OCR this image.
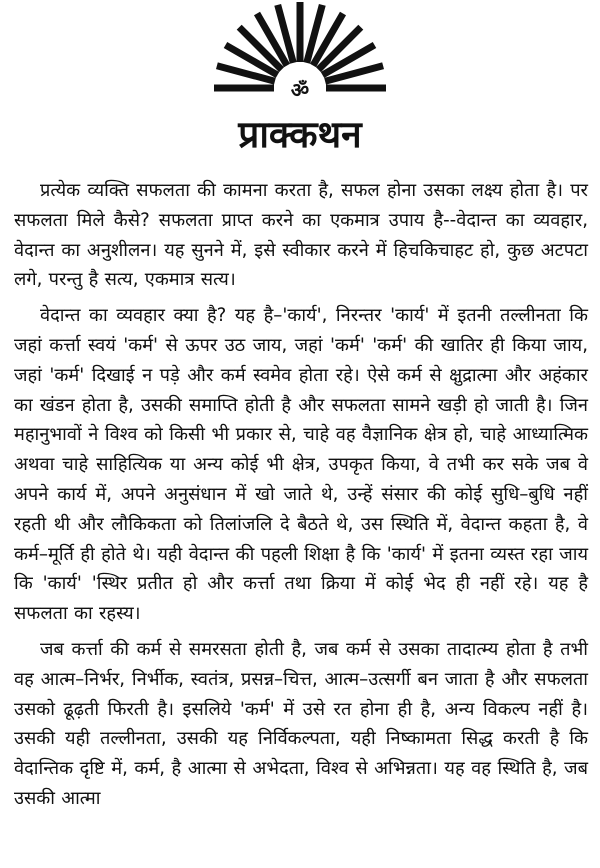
ॐ
प्राक्कथन

प्रत्येक व्यक्ति सफलता की कामना करता है, सफल होना उसका लक्ष्य होता है। पर सफलता मिले कैसे? सफलता प्राप्त करने का एकमात्र उपाय है--वेदान्त का व्यवहार, वेदान्त का अनुशीलन। यह सुनने में, इसे स्वीकार करने में हिचकिचाहट हो, कुछ अटपटा लगे, परन्तु है सत्य, एकमात्र सत्य।

वेदान्त का व्यवहार क्या है? यह है–'कार्य', निरन्तर 'कार्य' में इतनी तल्लीनता कि जहां कर्त्ता स्वयं 'कर्म' से ऊपर उठ जाय, जहां 'कर्म' 'कर्म' की खातिर ही किया जाय, जहां 'कर्म' दिखाई न पड़े और कर्म स्वमेव होता रहे। ऐसे कर्म से क्षुद्रात्मा और अहंकार का खंडन होता है, उसकी समाप्ति होती है और सफलता सामने खड़ी हो जाती है। जिन महानुभावों ने विश्व को किसी भी प्रकार से, चाहे वह वैज्ञानिक क्षेत्र हो, चाहे आध्यात्मिक अथवा चाहे साहित्यिक या अन्य कोई भी क्षेत्र, उपकृत किया, वे तभी कर सके जब वे अपने कार्य में, अपने अनुसंधान में खो जाते थे, उन्हें संसार की कोई सुधि–बुधि नहीं रहती थी और लौकिकता को तिलांजलि दे बैठते थे, उस स्थिति में, वेदान्त कहता है, वे कर्म–मूर्ति ही होते थे। यही वेदान्त की पहली शिक्षा है कि 'कार्य' में इतना व्यस्त रहा जाय कि 'कार्य' 'स्थिर प्रतीत हो और कर्त्ता तथा क्रिया में कोई भेद ही नहीं रहे। यह है सफलता का रहस्य।

जब कर्त्ता की कर्म से समरसता होती है, जब कर्म से उसका तादात्म्य होता है तभी वह आत्म–निर्भर, निर्भीक, स्वतंत्र, प्रसन्न–चित्त, आत्म–उत्सर्गी बन जाता है और सफलता उसको ढूढ़ती फिरती है। इसलिये 'कर्म' में उसे रत होना ही है, अन्य विकल्प नहीं है। उसकी यही तल्लीनता, उसकी यह निर्विकल्पता, यही निष्कामता सिद्ध करती है कि वेदान्तिक दृष्टि में, कर्म, है आत्मा से अभेदता, विश्व से अभिन्नता। यह वह स्थिति है, जब उसकी आत्मा
